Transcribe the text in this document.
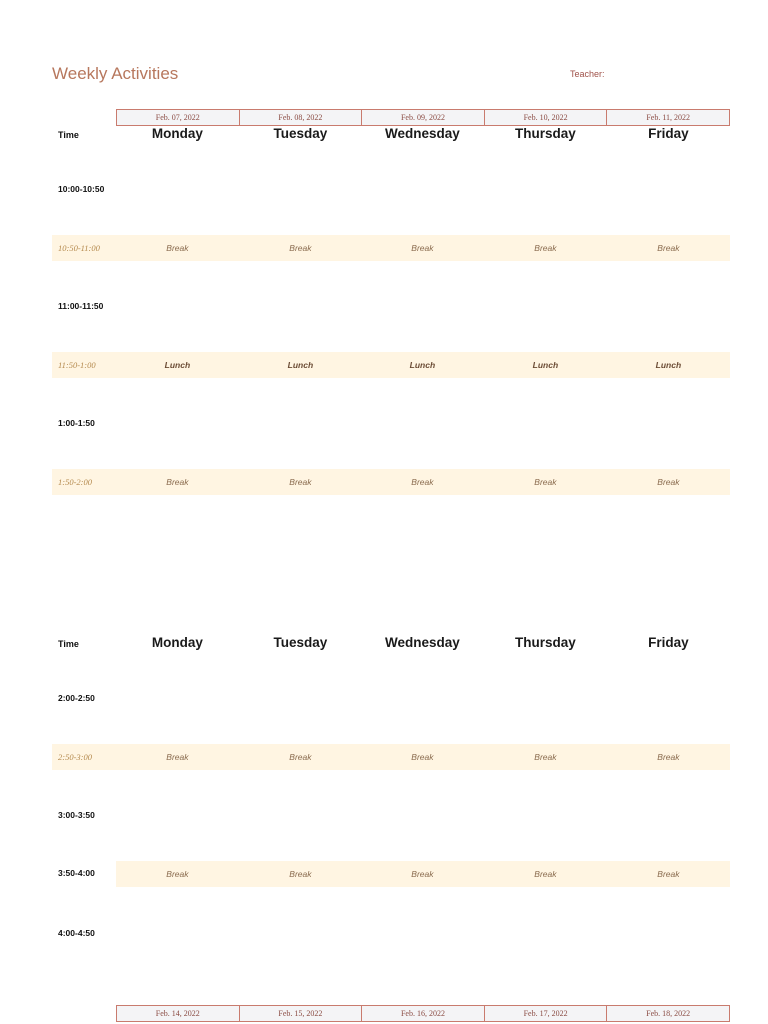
Weekly Activities	Teacher:
Feb. 07, 2022	Feb. 08, 2022	Feb. 09, 2022	Feb. 10, 2022	Feb. 11, 2022
Time	Monday	Tuesday	Wednesday	Thursday	Friday
10:00-10:50
10:50-11:00	Break	Break	Break	Break	Break
11:00-11:50
11:50-1:00	Lunch	Lunch	Lunch	Lunch	Lunch
1:00-1:50
1:50-2:00	Break	Break	Break	Break	Break
Time	Monday	Tuesday	Wednesday	Thursday	Friday
2:00-2:50
2:50-3:00	Break	Break	Break	Break	Break
3:00-3:50
3:50-4:00	Break	Break	Break	Break	Break
4:00-4:50
Feb. 14, 2022	Feb. 15, 2022	Feb. 16, 2022	Feb. 17, 2022	Feb. 18, 2022
